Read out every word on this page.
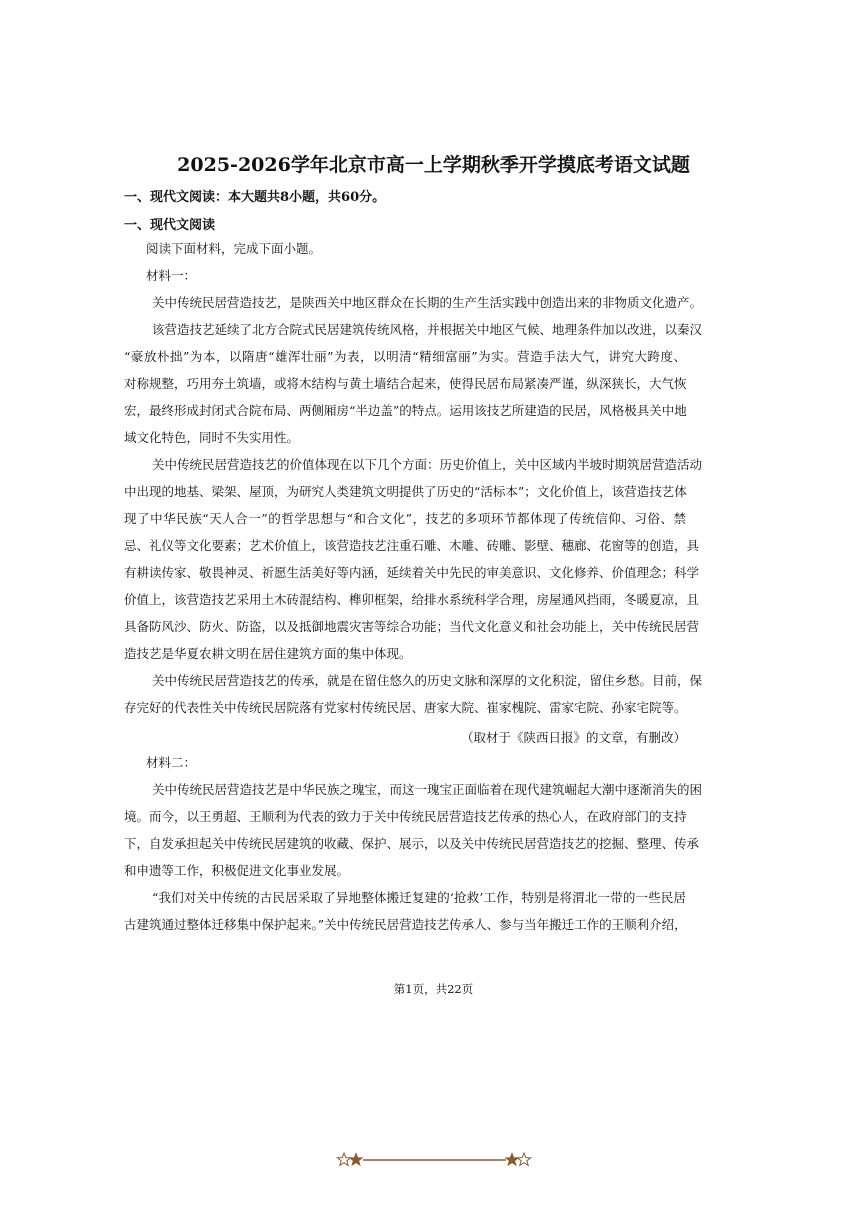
2025-2026学年北京市高一上学期秋季开学摸底考语文试题
一、现代文阅读：本大题共8小题，共60分。
一、现代文阅读
阅读下面材料，完成下面小题。
材料一：
关中传统民居营造技艺，是陕西关中地区群众在长期的生产生活实践中创造出来的非物质文化遗产。
该营造技艺延续了北方合院式民居建筑传统风格，并根据关中地区气候、地理条件加以改进，以秦汉
“豪放朴拙”为本，以隋唐“雄浑壮丽”为表，以明清“精细富丽”为实。营造手法大气，讲究大跨度、
对称规整，巧用夯土筑墙，或将木结构与黄土墙结合起来，使得民居布局紧凑严谨，纵深狭长，大气恢
宏，最终形成封闭式合院布局、两侧厢房“半边盖”的特点。运用该技艺所建造的民居，风格极具关中地
域文化特色，同时不失实用性。
关中传统民居营造技艺的价值体现在以下几个方面：历史价值上，关中区域内半坡时期筑居营造活动
中出现的地基、梁架、屋顶，为研究人类建筑文明提供了历史的“活标本”；文化价值上，该营造技艺体
现了中华民族“天人合一”的哲学思想与“和合文化”，技艺的多项环节都体现了传统信仰、习俗、禁
忌、礼仪等文化要素；艺术价值上，该营造技艺注重石雕、木雕、砖雕、影壁、穗廊、花窗等的创造，具
有耕读传家、敬畏神灵、祈愿生活美好等内涵，延续着关中先民的审美意识、文化修养、价值理念；科学
价值上，该营造技艺采用土木砖混结构、榫卯框架，给排水系统科学合理，房屋通风挡雨，冬暖夏凉，且
具备防风沙、防火、防盗，以及抵御地震灾害等综合功能；当代文化意义和社会功能上，关中传统民居营
造技艺是华夏农耕文明在居住建筑方面的集中体现。
关中传统民居营造技艺的传承，就是在留住悠久的历史文脉和深厚的文化积淀，留住乡愁。目前，保
存完好的代表性关中传统民居院落有党家村传统民居、唐家大院、崔家槐院、雷家宅院、孙家宅院等。
（取材于《陕西日报》的文章，有删改）
材料二：
关中传统民居营造技艺是中华民族之瑰宝，而这一瑰宝正面临着在现代建筑崛起大潮中逐渐消失的困
境。而今，以王勇超、王顺利为代表的致力于关中传统民居营造技艺传承的热心人，在政府部门的支持
下，自发承担起关中传统民居建筑的收藏、保护、展示，以及关中传统民居营造技艺的挖掘、整理、传承
和申遗等工作，积极促进文化事业发展。
“我们对关中传统的古民居采取了异地整体搬迁复建的‘抢救’工作，特别是将渭北一带的一些民居
古建筑通过整体迁移集中保护起来。”关中传统民居营造技艺传承人、参与当年搬迁工作的王顺利介绍，
第1页，共22页
